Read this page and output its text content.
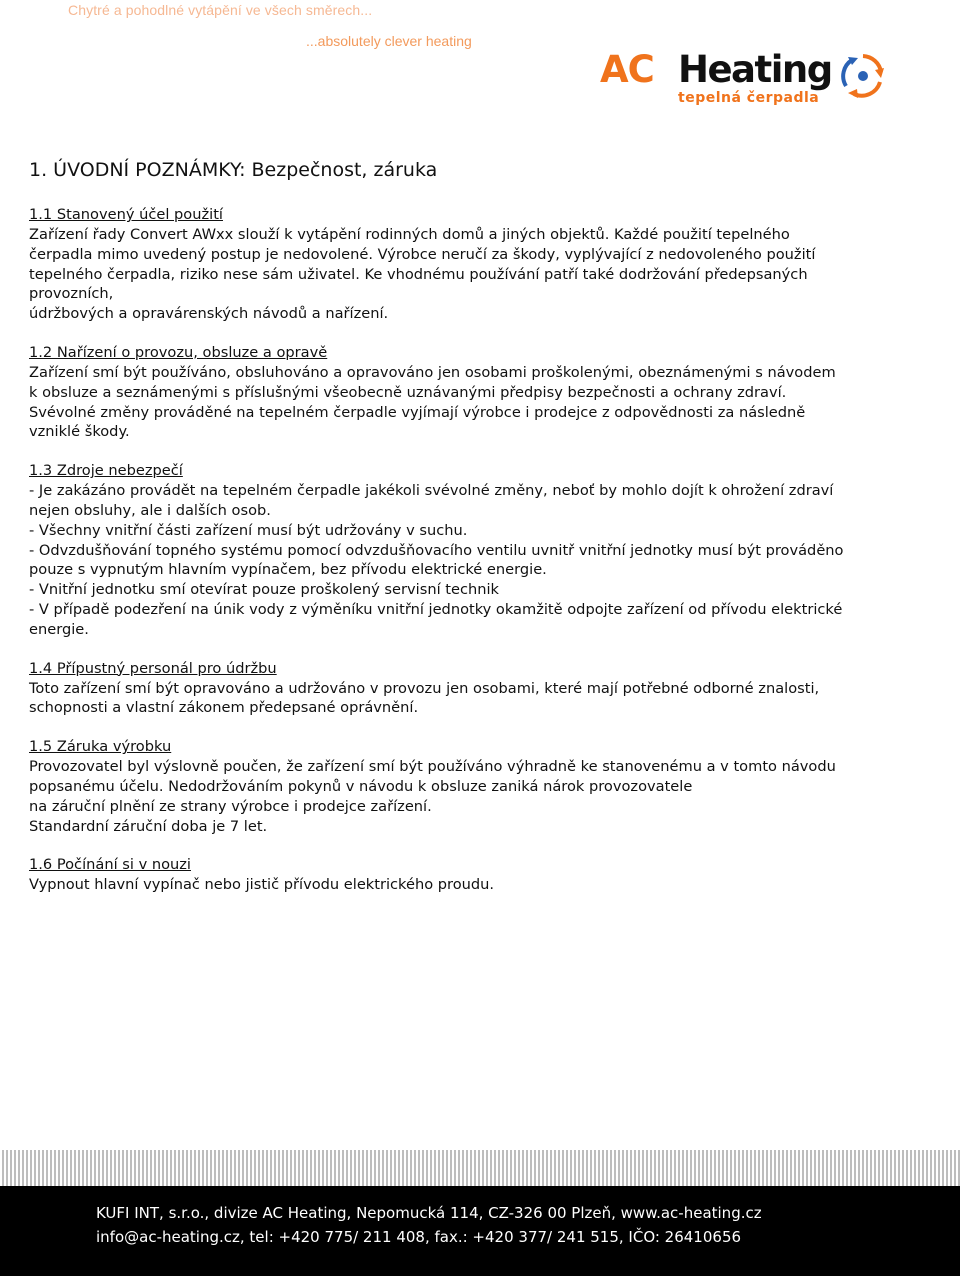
Chytré a pohodlné vytápění ve všech směrech...
...absolutely clever heating
AC Heating
tepelná čerpadla
1. ÚVODNÍ POZNÁMKY: Bezpečnost, záruka
1.1 Stanovený účel použití

Zařízení řady Convert AWxx slouží k vytápění rodinných domů a jiných objektů. Každé použití tepelného

čerpadla mimo uvedený postup je nedovolené. Výrobce neručí za škody, vyplývající z nedovoleného použití

tepelného čerpadla, riziko nese sám uživatel. Ke vhodnému používání patří také dodržování předepsaných

provozních,

údržbových a opravárenských návodů a nařízení.

1.2 Nařízení o provozu, obsluze a opravě

Zařízení smí být používáno, obsluhováno a opravováno jen osobami proškolenými, obeznámenými s návodem

k obsluze a seznámenými s příslušnými všeobecně uznávanými předpisy bezpečnosti a ochrany zdraví.

Svévolné změny prováděné na tepelném čerpadle vyjímají výrobce i prodejce z odpovědnosti za následně

vzniklé škody.

1.3 Zdroje nebezpečí

- Je zakázáno provádět na tepelném čerpadle jakékoli svévolné změny, neboť by mohlo dojít k ohrožení zdraví

nejen obsluhy, ale i dalších osob.

- Všechny vnitřní části zařízení musí být udržovány v suchu.

- Odvzdušňování topného systému pomocí odvzdušňovacího ventilu uvnitř vnitřní jednotky musí být prováděno

pouze s vypnutým hlavním vypínačem, bez přívodu elektrické energie.

- Vnitřní jednotku smí otevírat pouze proškolený servisní technik

- V případě podezření na únik vody z výměníku vnitřní jednotky okamžitě odpojte zařízení od přívodu elektrické

energie.

1.4 Přípustný personál pro údržbu

Toto zařízení smí být opravováno a udržováno v provozu jen osobami, které mají potřebné odborné znalosti,

schopnosti a vlastní zákonem předepsané oprávnění.

1.5 Záruka výrobku

Provozovatel byl výslovně poučen, že zařízení smí být používáno výhradně ke stanovenému a v tomto návodu

popsanému účelu. Nedodržováním pokynů v návodu k obsluze zaniká nárok provozovatele

na záruční plnění ze strany výrobce i prodejce zařízení.

Standardní záruční doba je 7 let.

1.6 Počínání si v nouzi

Vypnout hlavní vypínač nebo jistič přívodu elektrického proudu.

KUFI INT, s.r.o., divize AC Heating, Nepomucká 114, CZ-326 00 Plzeň, www.ac-heating.cz
info@ac-heating.cz, tel: +420 775/ 211 408, fax.: +420 377/ 241 515, IČO: 26410656
